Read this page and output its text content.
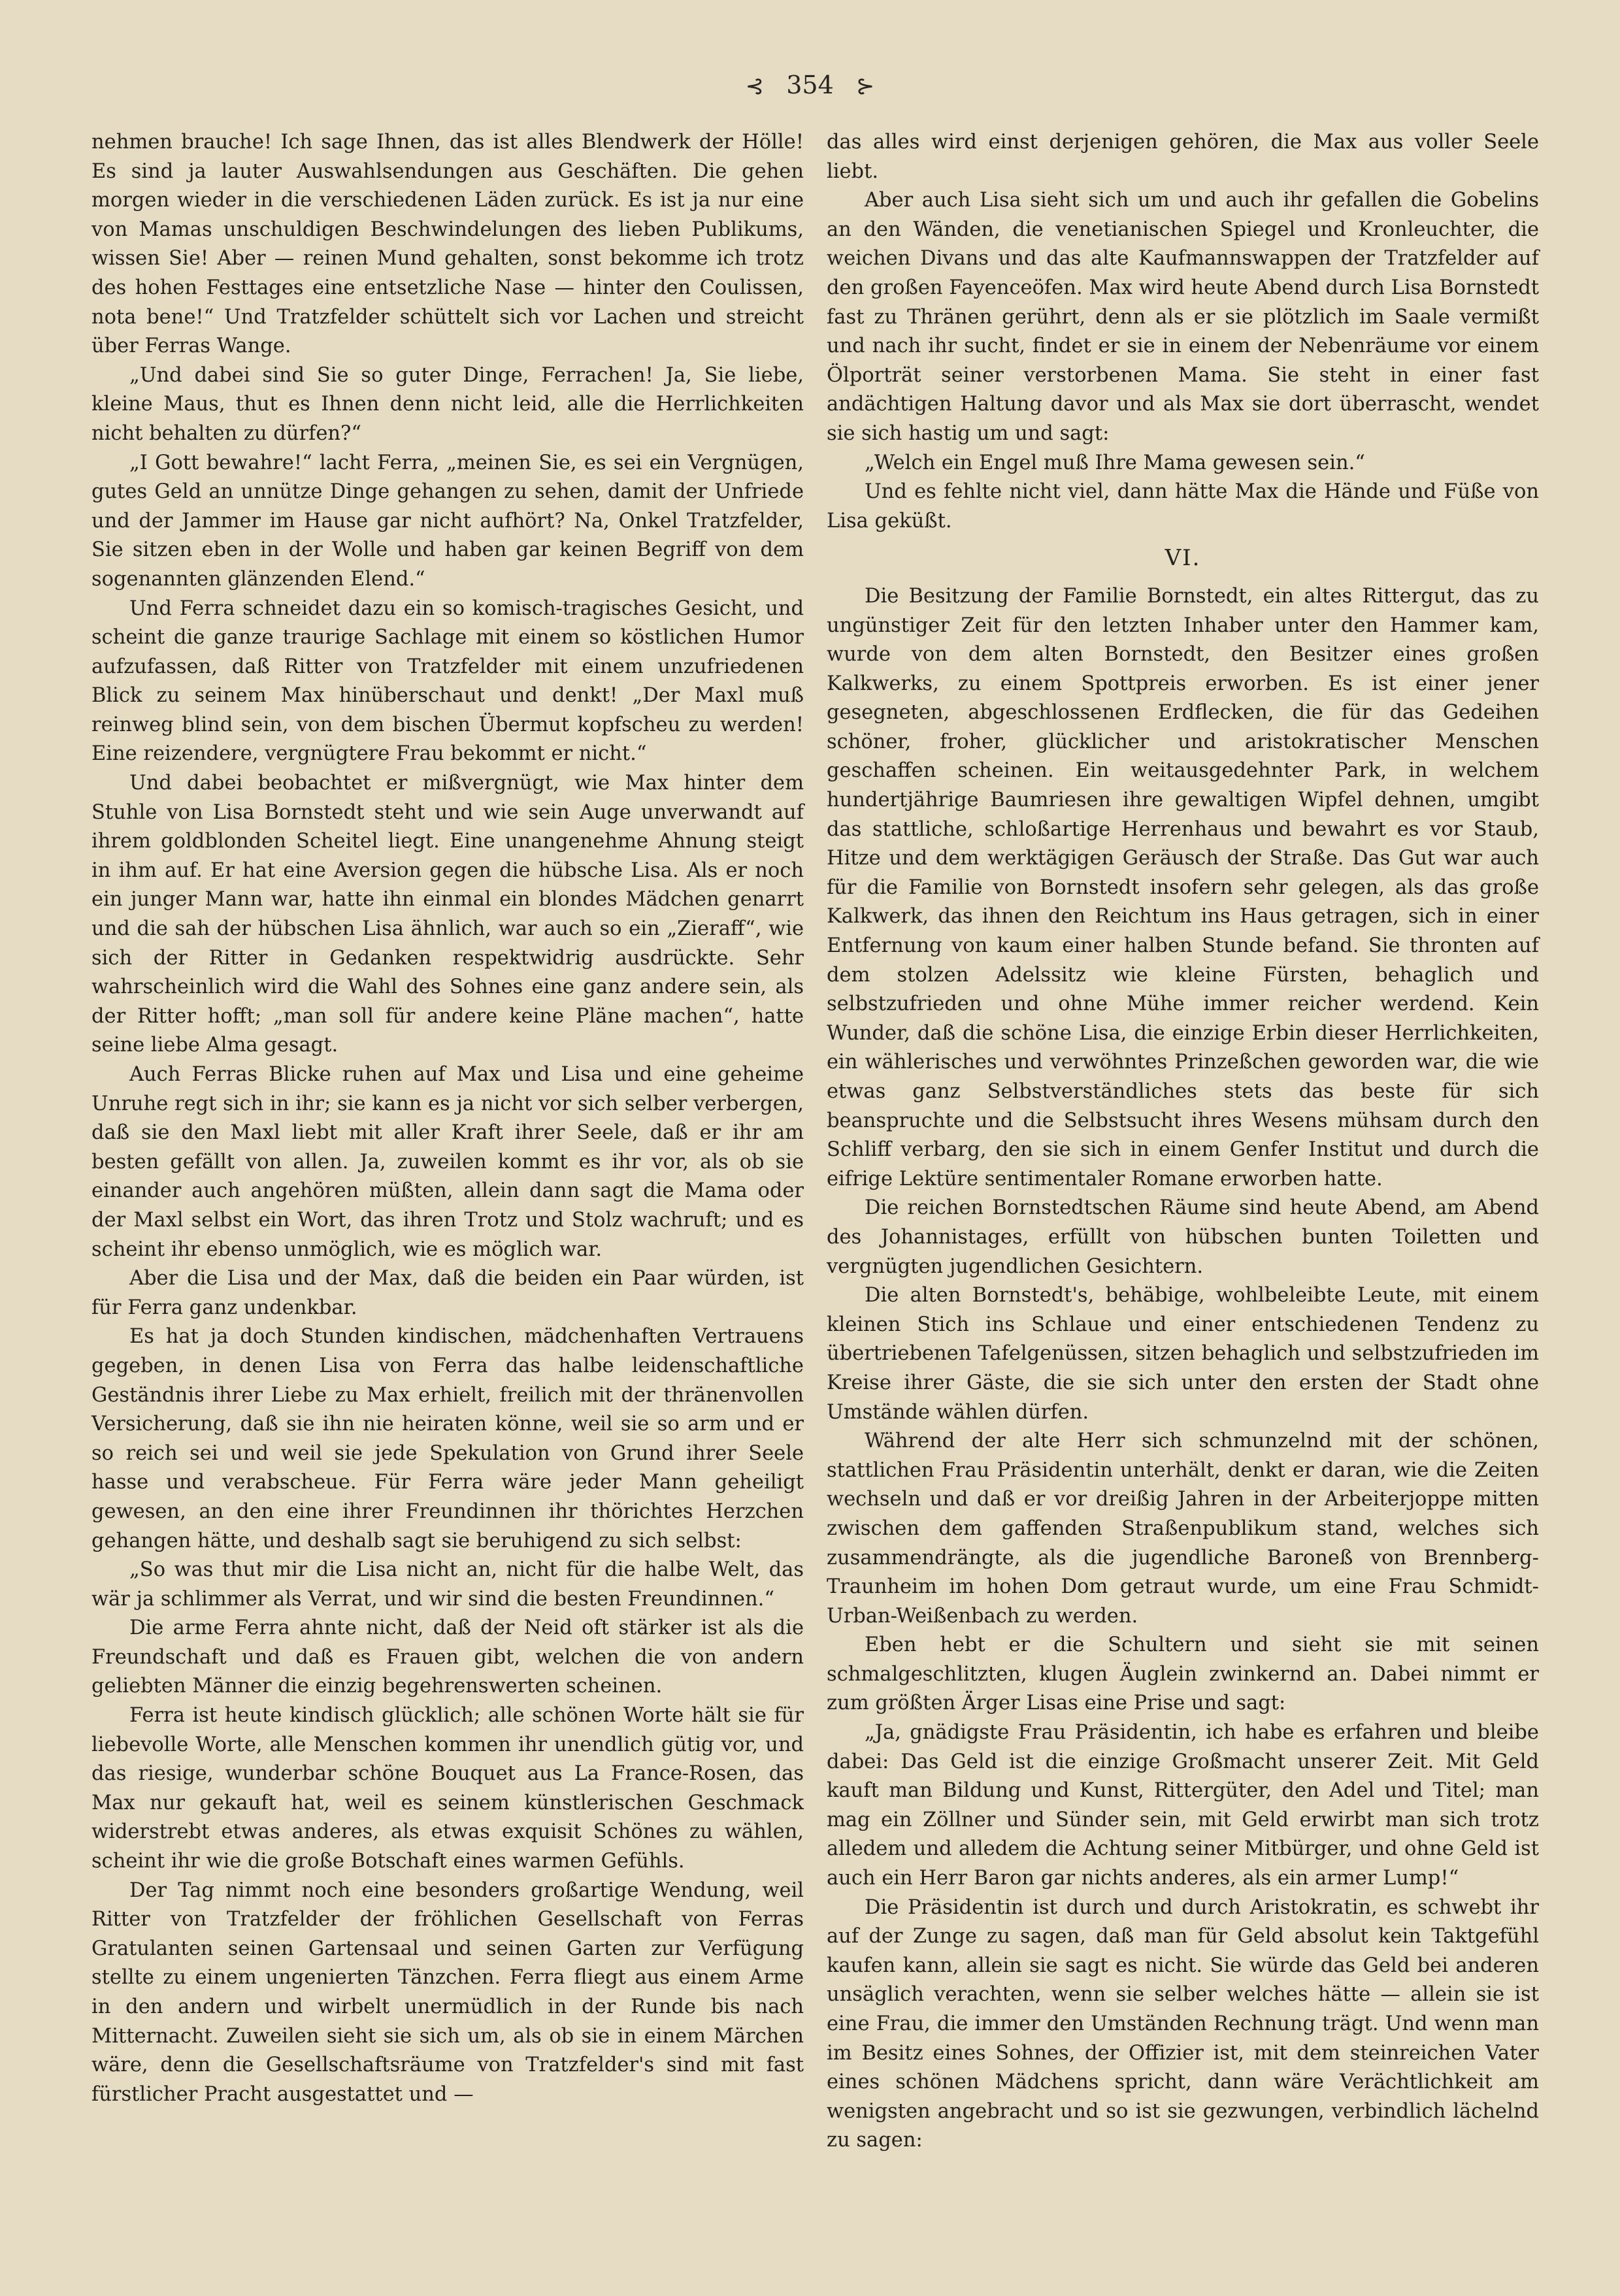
⊰ 354 ⊱

nehmen brauche! Ich sage Ihnen, das ist alles Blendwerk der Hölle! Es sind ja lauter Auswahlsendungen aus Geschäften. Die gehen morgen wieder in die verschiedenen Läden zurück. Es ist ja nur eine von Mamas unschuldigen Beschwindelungen des lieben Publikums, wissen Sie! Aber — reinen Mund gehalten, sonst bekomme ich trotz des hohen Festtages eine entsetzliche Nase — hinter den Coulissen, nota bene!“ Und Tratzfelder schüttelt sich vor Lachen und streicht über Ferras Wange.

„Und dabei sind Sie so guter Dinge, Ferrachen! Ja, Sie liebe, kleine Maus, thut es Ihnen denn nicht leid, alle die Herrlichkeiten nicht behalten zu dürfen?“

„I Gott bewahre!“ lacht Ferra, „meinen Sie, es sei ein Vergnügen, gutes Geld an unnütze Dinge gehangen zu sehen, damit der Unfriede und der Jammer im Hause gar nicht aufhört? Na, Onkel Tratzfelder, Sie sitzen eben in der Wolle und haben gar keinen Begriff von dem sogenannten glänzenden Elend.“

Und Ferra schneidet dazu ein so komisch-tragisches Gesicht, und scheint die ganze traurige Sachlage mit einem so köstlichen Humor aufzufassen, daß Ritter von Tratzfelder mit einem unzufriedenen Blick zu seinem Max hinüberschaut und denkt! „Der Maxl muß reinweg blind sein, von dem bischen Übermut kopfscheu zu werden! Eine reizendere, vergnügtere Frau bekommt er nicht.“

Und dabei beobachtet er mißvergnügt, wie Max hinter dem Stuhle von Lisa Bornstedt steht und wie sein Auge unverwandt auf ihrem goldblonden Scheitel liegt. Eine unangenehme Ahnung steigt in ihm auf. Er hat eine Aversion gegen die hübsche Lisa. Als er noch ein junger Mann war, hatte ihn einmal ein blondes Mädchen genarrt und die sah der hübschen Lisa ähnlich, war auch so ein „Zieraff“, wie sich der Ritter in Gedanken respektwidrig ausdrückte. Sehr wahrscheinlich wird die Wahl des Sohnes eine ganz andere sein, als der Ritter hofft; „man soll für andere keine Pläne machen“, hatte seine liebe Alma gesagt.

Auch Ferras Blicke ruhen auf Max und Lisa und eine geheime Unruhe regt sich in ihr; sie kann es ja nicht vor sich selber verbergen, daß sie den Maxl liebt mit aller Kraft ihrer Seele, daß er ihr am besten gefällt von allen. Ja, zuweilen kommt es ihr vor, als ob sie einander auch angehören müßten, allein dann sagt die Mama oder der Maxl selbst ein Wort, das ihren Trotz und Stolz wachruft; und es scheint ihr ebenso unmöglich, wie es möglich war.

Aber die Lisa und der Max, daß die beiden ein Paar würden, ist für Ferra ganz undenkbar.

Es hat ja doch Stunden kindischen, mädchenhaften Vertrauens gegeben, in denen Lisa von Ferra das halbe leidenschaftliche Geständnis ihrer Liebe zu Max erhielt, freilich mit der thränenvollen Versicherung, daß sie ihn nie heiraten könne, weil sie so arm und er so reich sei und weil sie jede Spekulation von Grund ihrer Seele hasse und verabscheue. Für Ferra wäre jeder Mann geheiligt gewesen, an den eine ihrer Freundinnen ihr thörichtes Herzchen gehangen hätte, und deshalb sagt sie beruhigend zu sich selbst:

„So was thut mir die Lisa nicht an, nicht für die halbe Welt, das wär ja schlimmer als Verrat, und wir sind die besten Freundinnen.“

Die arme Ferra ahnte nicht, daß der Neid oft stärker ist als die Freundschaft und daß es Frauen gibt, welchen die von andern geliebten Männer die einzig begehrenswerten scheinen.

Ferra ist heute kindisch glücklich; alle schönen Worte hält sie für liebevolle Worte, alle Menschen kommen ihr unendlich gütig vor, und das riesige, wunderbar schöne Bouquet aus La France-Rosen, das Max nur gekauft hat, weil es seinem künstlerischen Geschmack widerstrebt etwas anderes, als etwas exquisit Schönes zu wählen, scheint ihr wie die große Botschaft eines warmen Gefühls.

Der Tag nimmt noch eine besonders großartige Wendung, weil Ritter von Tratzfelder der fröhlichen Gesellschaft von Ferras Gratulanten seinen Gartensaal und seinen Garten zur Verfügung stellte zu einem ungenierten Tänzchen. Ferra fliegt aus einem Arme in den andern und wirbelt unermüdlich in der Runde bis nach Mitternacht. Zuweilen sieht sie sich um, als ob sie in einem Märchen wäre, denn die Gesellschaftsräume von Tratzfelder's sind mit fast fürstlicher Pracht ausgestattet und —

das alles wird einst derjenigen gehören, die Max aus voller Seele liebt.

Aber auch Lisa sieht sich um und auch ihr gefallen die Gobelins an den Wänden, die venetianischen Spiegel und Kronleuchter, die weichen Divans und das alte Kaufmannswappen der Tratzfelder auf den großen Fayenceöfen. Max wird heute Abend durch Lisa Bornstedt fast zu Thränen gerührt, denn als er sie plötzlich im Saale vermißt und nach ihr sucht, findet er sie in einem der Nebenräume vor einem Ölporträt seiner verstorbenen Mama. Sie steht in einer fast andächtigen Haltung davor und als Max sie dort überrascht, wendet sie sich hastig um und sagt:

„Welch ein Engel muß Ihre Mama gewesen sein.“

Und es fehlte nicht viel, dann hätte Max die Hände und Füße von Lisa geküßt.

VI.

Die Besitzung der Familie Bornstedt, ein altes Rittergut, das zu ungünstiger Zeit für den letzten Inhaber unter den Hammer kam, wurde von dem alten Bornstedt, den Besitzer eines großen Kalkwerks, zu einem Spottpreis erworben. Es ist einer jener gesegneten, abgeschlossenen Erdflecken, die für das Gedeihen schöner, froher, glücklicher und aristokratischer Menschen geschaffen scheinen. Ein weitausgedehnter Park, in welchem hundertjährige Baumriesen ihre gewaltigen Wipfel dehnen, umgibt das stattliche, schloßartige Herrenhaus und bewahrt es vor Staub, Hitze und dem werktägigen Geräusch der Straße. Das Gut war auch für die Familie von Bornstedt insofern sehr gelegen, als das große Kalkwerk, das ihnen den Reichtum ins Haus getragen, sich in einer Entfernung von kaum einer halben Stunde befand. Sie thronten auf dem stolzen Adelssitz wie kleine Fürsten, behaglich und selbstzufrieden und ohne Mühe immer reicher werdend. Kein Wunder, daß die schöne Lisa, die einzige Erbin dieser Herrlichkeiten, ein wählerisches und verwöhntes Prinzeßchen geworden war, die wie etwas ganz Selbstverständliches stets das beste für sich beanspruchte und die Selbstsucht ihres Wesens mühsam durch den Schliff verbarg, den sie sich in einem Genfer Institut und durch die eifrige Lektüre sentimentaler Romane erworben hatte.

Die reichen Bornstedtschen Räume sind heute Abend, am Abend des Johannistages, erfüllt von hübschen bunten Toiletten und vergnügten jugendlichen Gesichtern.

Die alten Bornstedt's, behäbige, wohlbeleibte Leute, mit einem kleinen Stich ins Schlaue und einer entschiedenen Tendenz zu übertriebenen Tafelgenüssen, sitzen behaglich und selbstzufrieden im Kreise ihrer Gäste, die sie sich unter den ersten der Stadt ohne Umstände wählen dürfen.

Während der alte Herr sich schmunzelnd mit der schönen, stattlichen Frau Präsidentin unterhält, denkt er daran, wie die Zeiten wechseln und daß er vor dreißig Jahren in der Arbeiterjoppe mitten zwischen dem gaffenden Straßenpublikum stand, welches sich zusammendrängte, als die jugendliche Baroneß von Brennberg-Traunheim im hohen Dom getraut wurde, um eine Frau Schmidt-Urban-Weißenbach zu werden.

Eben hebt er die Schultern und sieht sie mit seinen schmalgeschlitzten, klugen Äuglein zwinkernd an. Dabei nimmt er zum größten Ärger Lisas eine Prise und sagt:

„Ja, gnädigste Frau Präsidentin, ich habe es erfahren und bleibe dabei: Das Geld ist die einzige Großmacht unserer Zeit. Mit Geld kauft man Bildung und Kunst, Rittergüter, den Adel und Titel; man mag ein Zöllner und Sünder sein, mit Geld erwirbt man sich trotz alledem und alledem die Achtung seiner Mitbürger, und ohne Geld ist auch ein Herr Baron gar nichts anderes, als ein armer Lump!“

Die Präsidentin ist durch und durch Aristokratin, es schwebt ihr auf der Zunge zu sagen, daß man für Geld absolut kein Taktgefühl kaufen kann, allein sie sagt es nicht. Sie würde das Geld bei anderen unsäglich verachten, wenn sie selber welches hätte — allein sie ist eine Frau, die immer den Umständen Rechnung trägt. Und wenn man im Besitz eines Sohnes, der Offizier ist, mit dem steinreichen Vater eines schönen Mädchens spricht, dann wäre Verächtlichkeit am wenigsten angebracht und so ist sie gezwungen, verbindlich lächelnd zu sagen:
